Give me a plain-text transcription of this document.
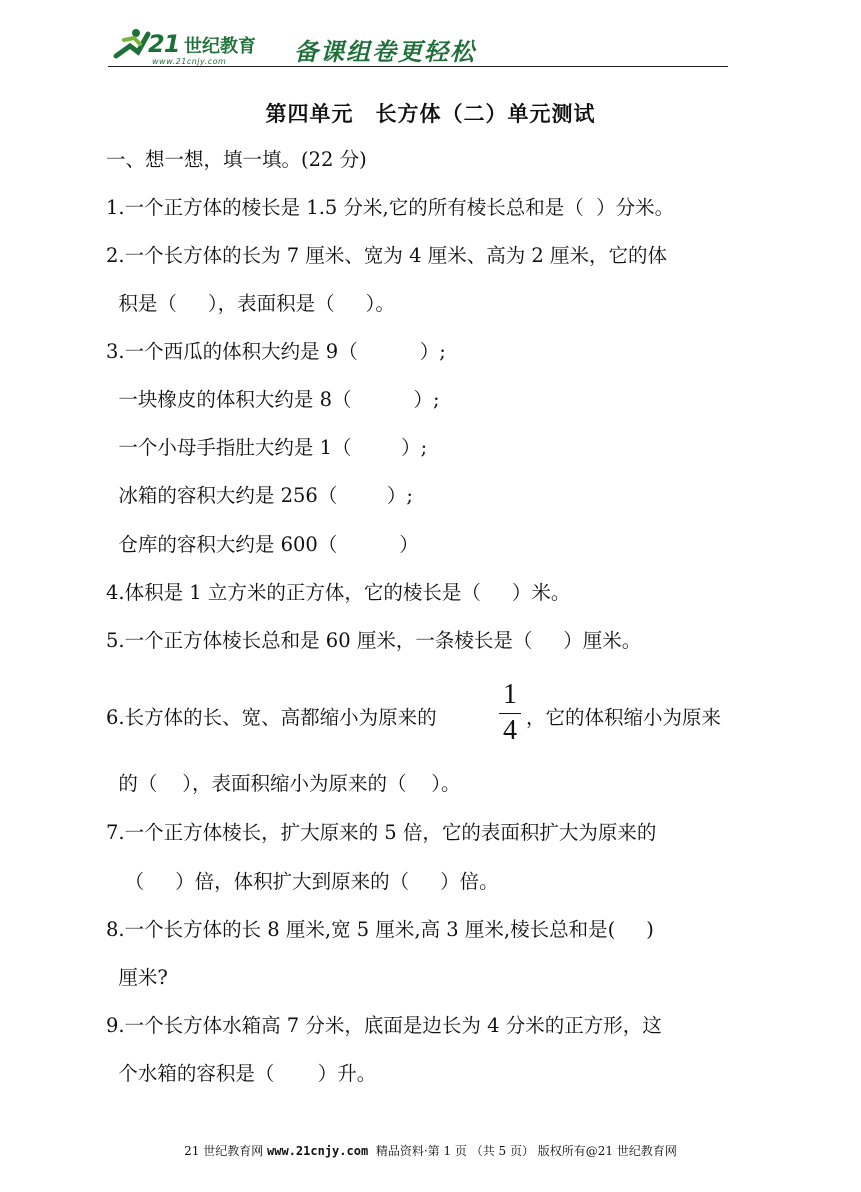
21 世纪教育
www.21cnjy.com	备课组卷更轻松
第四单元　长方体（二）单元测试
一、想一想，填一填。(22 分)
1.一个正方体的棱长是 1.5 分米,它的所有棱长总和是（  ）分米。
2.一个长方体的长为 7 厘米、宽为 4 厘米、高为 2 厘米，它的体
积是（     ），表面积是（     ）。
3.一个西瓜的体积大约是 9（          ）;
一块橡皮的体积大约是 8（          ）;
一个小母手指肚大约是 1（        ）;
冰箱的容积大约是 256（        ）;
仓库的容积大约是 600（          ）
4.体积是 1 立方米的正方体，它的棱长是（     ）米。
5.一个正方体棱长总和是 60 厘米，一条棱长是（     ）厘米。
6.长方体的长、宽、高都缩小为原来的
1
4 ，它的体积缩小为原来
的（    ），表面积缩小为原来的（    ）。
7.一个正方体棱长，扩大原来的 5 倍，它的表面积扩大为原来的
（     ）倍，体积扩大到原来的（     ）倍。
8.一个长方体的长 8 厘米,宽 5 厘米,高 3 厘米,棱长总和是(     )
厘米?
9.一个长方体水箱高 7 分米，底面是边长为 4 分米的正方形，这
个水箱的容积是（       ）升。
21 世纪教育网 www.21cnjy.com 精品资料·第 1 页 （共 5 页） 版权所有@21 世纪教育网
